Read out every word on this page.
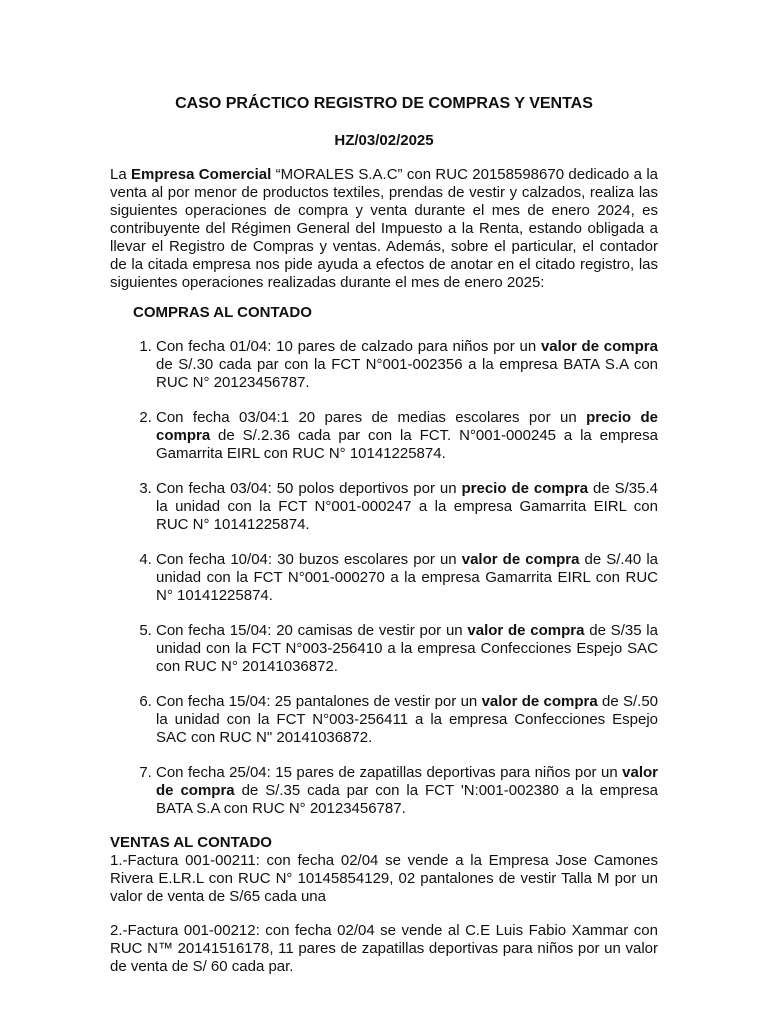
CASO PRÁCTICO REGISTRO DE COMPRAS Y VENTAS

HZ/03/02/2025

La Empresa Comercial “MORALES S.A.C” con RUC 20158598670 dedicado a la venta al por menor de productos textiles, prendas de vestir y calzados, realiza las siguientes operaciones de compra y venta durante el mes de enero 2024, es contribuyente del Régimen General del Impuesto a la Renta, estando obligada a llevar el Registro de Compras y ventas. Además, sobre el particular, el contador de la citada empresa nos pide ayuda a efectos de anotar en el citado registro, las siguientes operaciones realizadas durante el mes de enero 2025:

COMPRAS AL CONTADO
1. Con fecha 01/04: 10 pares de calzado para niños por un valor de compra de S/.30 cada par con la FCT N°001-002356 a la empresa BATA S.A con RUC N° 20123456787.
2. Con fecha 03/04:1 20 pares de medias escolares por un precio de compra de S/.2.36 cada par con la FCT. N°001-000245 a la empresa Gamarrita EIRL con RUC N° 10141225874.
3. Con fecha 03/04: 50 polos deportivos por un precio de compra de S/35.4 la unidad con la FCT N°001-000247 a la empresa Gamarrita EIRL con RUC N° 10141225874.
4. Con fecha 10/04: 30 buzos escolares por un valor de compra de S/.40 la unidad con la FCT N°001-000270 a la empresa Gamarrita EIRL con RUC N° 10141225874.
5. Con fecha 15/04: 20 camisas de vestir por un valor de compra de S/35 la unidad con la FCT N°003-256410 a la empresa Confecciones Espejo SAC con RUC N° 20141036872.
6. Con fecha 15/04: 25 pantalones de vestir por un valor de compra de S/.50 la unidad con la FCT N°003-256411 a la empresa Confecciones Espejo SAC con RUC N" 20141036872.
7. Con fecha 25/04: 15 pares de zapatillas deportivas para niños por un valor de compra de S/.35 cada par con la FCT 'N:001-002380 a la empresa BATA S.A con RUC N° 20123456787.
VENTAS AL CONTADO

1.-Factura 001-00211: con fecha 02/04 se vende a la Empresa Jose Camones Rivera E.LR.L con RUC N° 10145854129, 02 pantalones de vestir Talla M por un valor de venta de S/65 cada una

2.-Factura 001-00212: con fecha 02/04 se vende al C.E Luis Fabio Xammar con RUC N™ 20141516178, 11 pares de zapatillas deportivas para niños por un valor de venta de S/ 60 cada par.
